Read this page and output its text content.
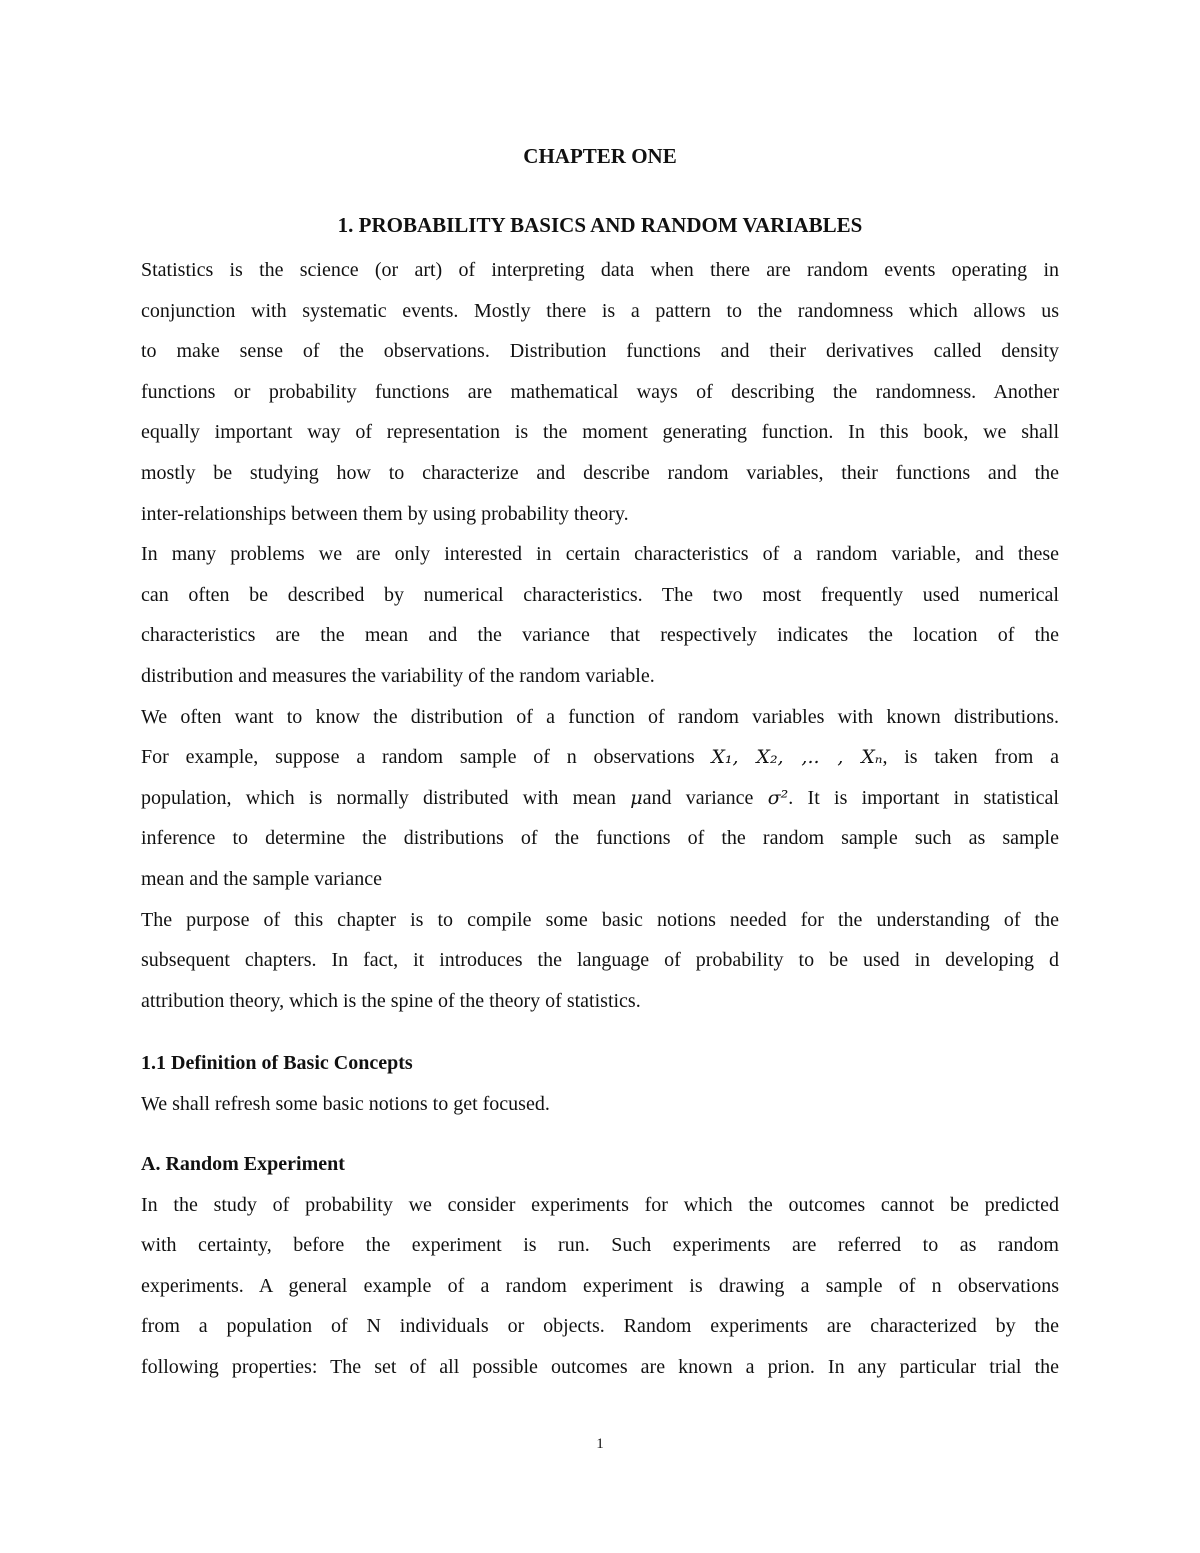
CHAPTER ONE
1. PROBABILITY BASICS AND RANDOM VARIABLES
Statistics is the science (or art) of interpreting data when there are random events operating in
conjunction with systematic events. Mostly there is a pattern to the randomness which allows us
to make sense of the observations. Distribution functions and their derivatives called density
functions or probability functions are mathematical ways of describing the randomness. Another
equally important way of representation is the moment generating function. In this book, we shall
mostly be studying how to characterize and describe random variables, their functions and the
inter-relationships between them by using probability theory.
In many problems we are only interested in certain characteristics of a random variable, and these
can often be described by numerical characteristics. The two most frequently used numerical
characteristics are the mean and the variance that respectively indicates the location of the
distribution and measures the variability of the random variable.
We often want to know the distribution of a function of random variables with known distributions.
For example, suppose a random sample of n observations X₁, X₂, ,.. , Xₙ, is taken from a
population, which is normally distributed with mean μand variance σ². It is important in statistical
inference to determine the distributions of the functions of the random sample such as sample
mean and the sample variance
The purpose of this chapter is to compile some basic notions needed for the understanding of the
subsequent chapters. In fact, it introduces the language of probability to be used in developing d
attribution theory, which is the spine of the theory of statistics.
1.1 Definition of Basic Concepts
We shall refresh some basic notions to get focused.
A. Random Experiment
In the study of probability we consider experiments for which the outcomes cannot be predicted
with certainty, before the experiment is run. Such experiments are referred to as random
experiments. A general example of a random experiment is drawing a sample of n observations
from a population of N individuals or objects. Random experiments are characterized by the
following properties: The set of all possible outcomes are known a prion. In any particular trial the
1
